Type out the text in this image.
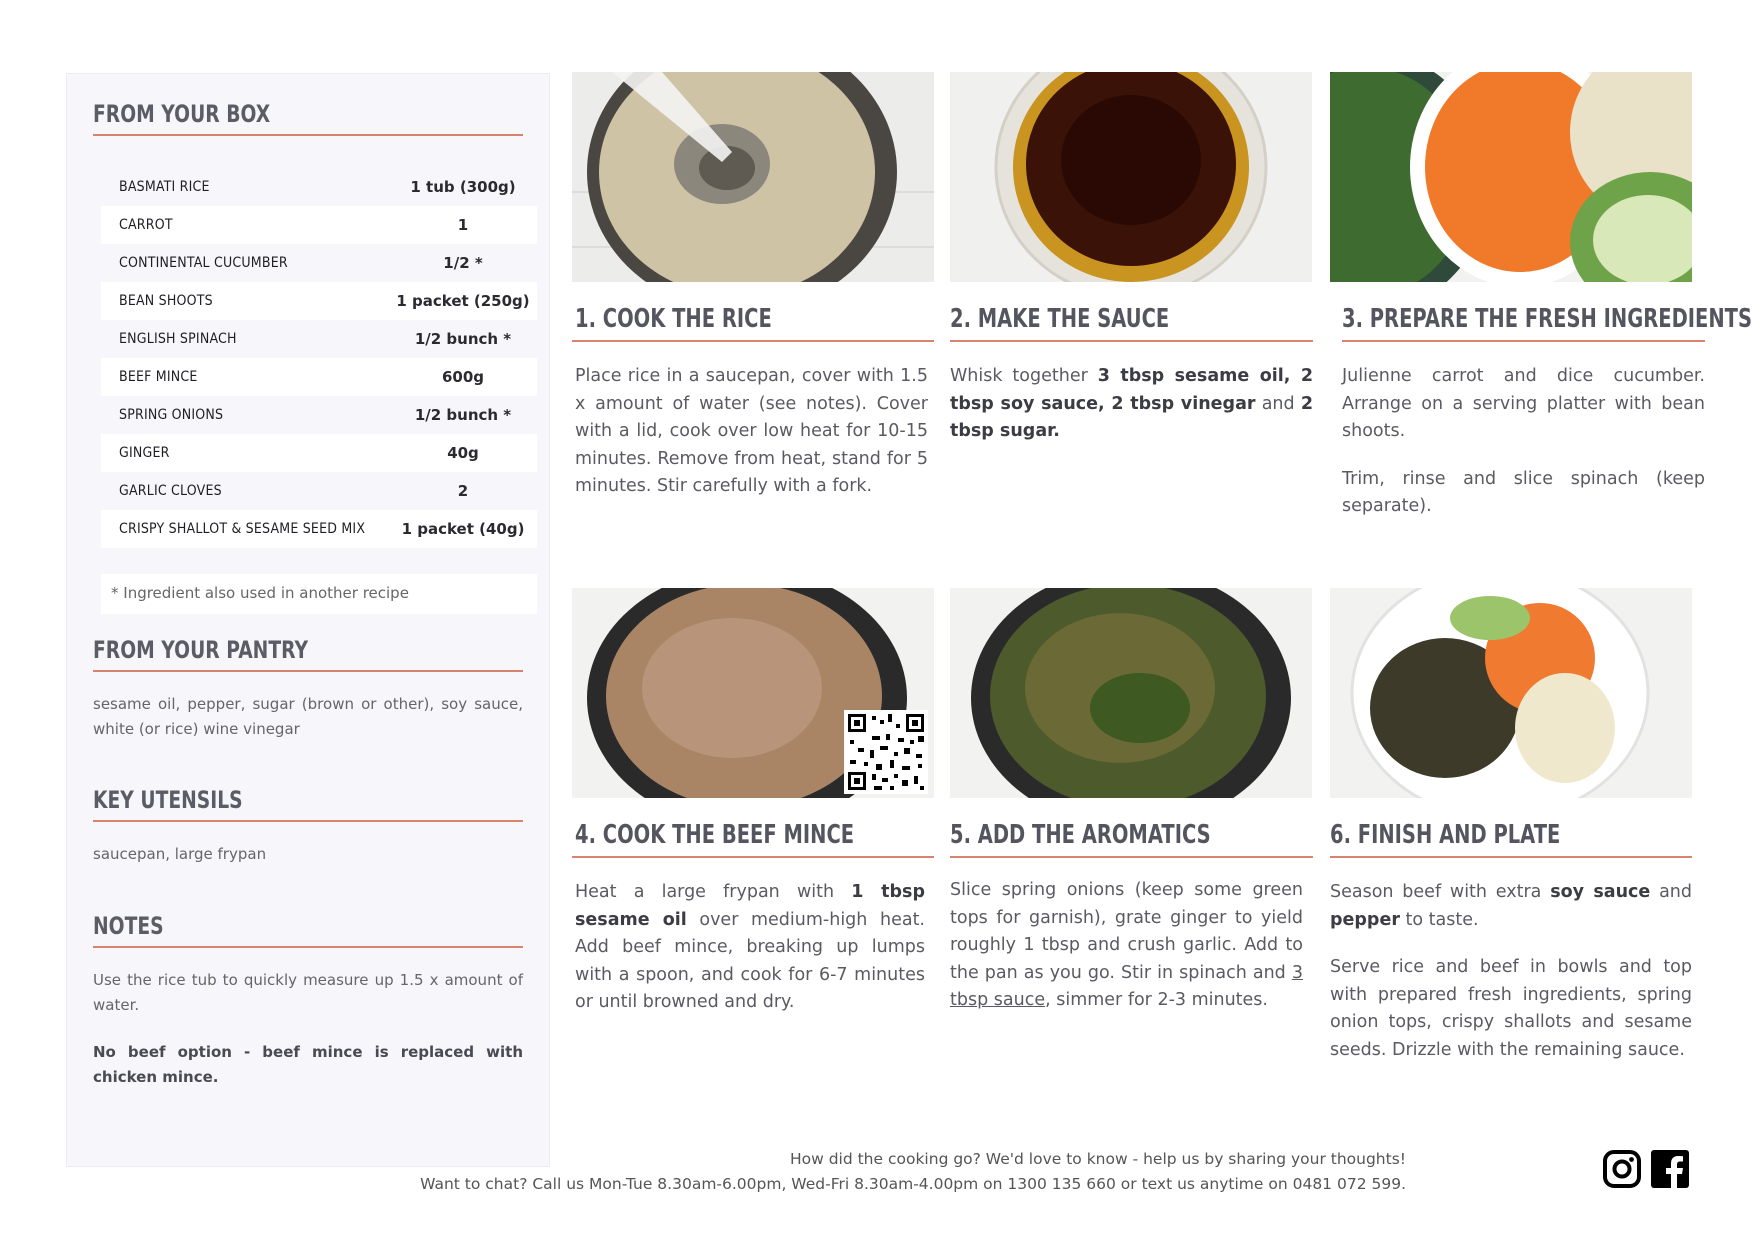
FROM YOUR BOX
BASMATI RICE	1 tub (300g)
CARROT	1
CONTINENTAL CUCUMBER	1/2 *
BEAN SHOOTS	1 packet (250g)
ENGLISH SPINACH	1/2 bunch *
BEEF MINCE	600g
SPRING ONIONS	1/2 bunch *
GINGER	40g
GARLIC CLOVES	2
CRISPY SHALLOT & SESAME SEED MIX	1 packet (40g)
* Ingredient also used in another recipe
FROM YOUR PANTRY
sesame oil, pepper, sugar (brown or other), soy sauce, white (or rice) wine vinegar
KEY UTENSILS
saucepan, large frypan
NOTES
Use the rice tub to quickly measure up 1.5 x amount of water.
No beef option - beef mince is replaced with chicken mince.
1. COOK THE RICE

Place rice in a saucepan, cover with 1.5 x amount of water (see notes). Cover with a lid, cook over low heat for 10-15 minutes. Remove from heat, stand for 5 minutes. Stir carefully with a fork.

2. MAKE THE SAUCE

Whisk together 3 tbsp sesame oil, 2 tbsp soy sauce, 2 tbsp vinegar and 2 tbsp sugar.

3. PREPARE THE FRESH INGREDIENTS

Julienne carrot and dice cucumber. Arrange on a serving platter with bean shoots.

Trim, rinse and slice spinach (keep separate).

4. COOK THE BEEF MINCE

Heat a large frypan with 1 tbsp sesame oil over medium-high heat. Add beef mince, breaking up lumps with a spoon, and cook for 6-7 minutes or until browned and dry.

5. ADD THE AROMATICS

Slice spring onions (keep some green tops for garnish), grate ginger to yield roughly 1 tbsp and crush garlic. Add to the pan as you go. Stir in spinach and 3 tbsp sauce, simmer for 2-3 minutes.

6. FINISH AND PLATE

Season beef with extra soy sauce and pepper to taste.

Serve rice and beef in bowls and top with prepared fresh ingredients, spring onion tops, crispy shallots and sesame seeds. Drizzle with the remaining sauce.

How did the cooking go? We'd love to know - help us by sharing your thoughts!
Want to chat? Call us Mon-Tue 8.30am-6.00pm, Wed-Fri 8.30am-4.00pm on 1300 135 660 or text us anytime on 0481 072 599.
